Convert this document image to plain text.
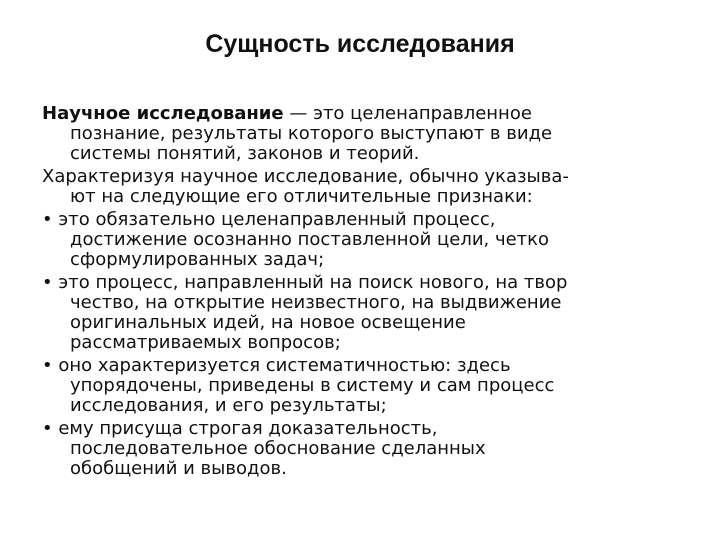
Сущность исследования
Научное исследование — это целенаправленное
познание, результаты которого выступают в виде
системы понятий, законов и теорий.
Характеризуя научное исследование, обычно указыва-
ют на следующие его отличительные признаки:
• это обязательно целенаправленный процесс,
достижение осознанно поставленной цели, четко
сформулированных задач;
• это процесс, направленный на поиск нового, на твор
чество, на открытие неизвестного, на выдвижение
оригинальных идей, на новое освещение
рассматриваемых вопросов;
• оно характеризуется систематичностью: здесь
упорядочены, приведены в систему и сам процесс
исследования, и его результаты;
• ему присуща строгая доказательность,
последовательное обоснование сделанных
обобщений и выводов.
